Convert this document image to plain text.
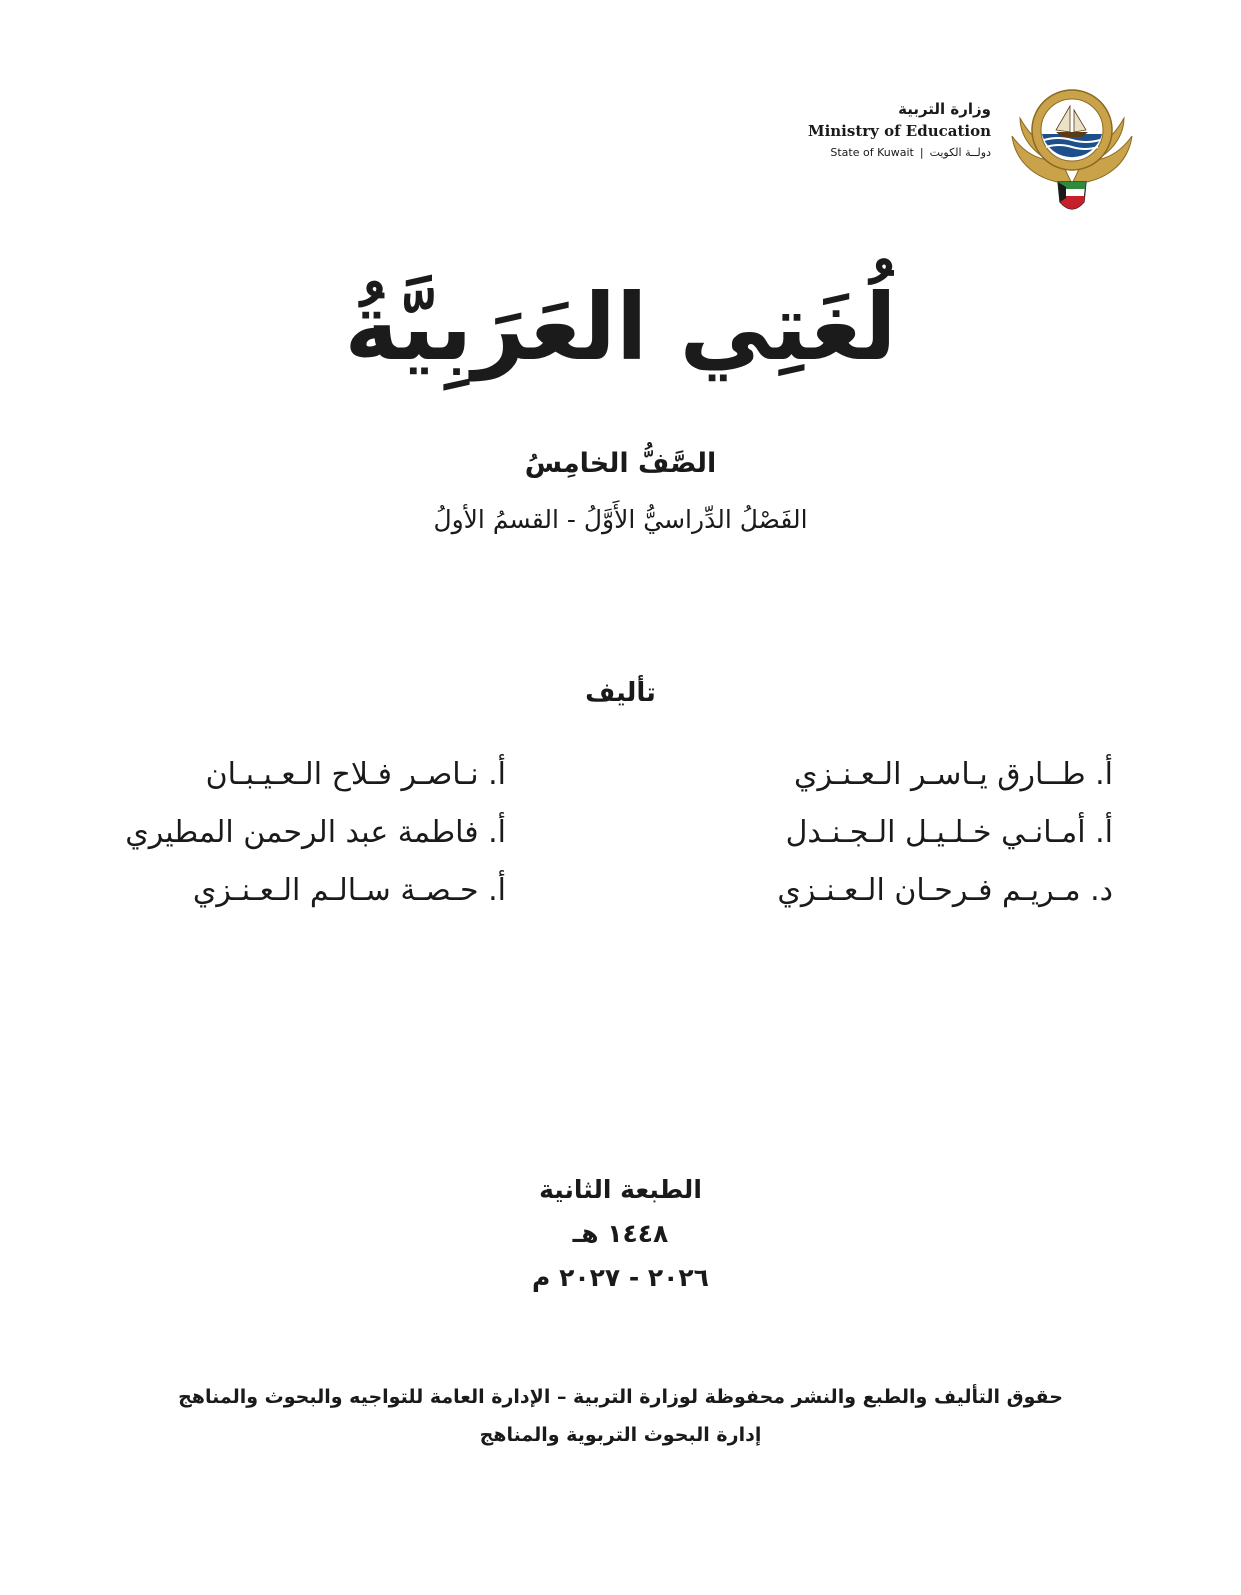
وزارة التربية
Ministry of Education
State of Kuwait | دولــة الكويت
لُغَتِي العَرَبِيَّةُ
الصَّفُّ الخامِسُ
الفَصْلُ الدِّراسيُّ الأَوَّلُ - القسمُ الأولُ
تأليف
أ. طــارق يـاسـر الـعـنـزي
أ. أمـانـي خـلـيـل الـجـنـدل
د. مـريـم فـرحـان الـعـنـزي
أ. نـاصـر فـلاح الـعـيـبـان
أ. فاطمة عبد الرحمن المطيري
أ. حـصـة سـالـم الـعـنـزي
الطبعة الثانية
١٤٤٨ هـ
٢٠٢٦ - ٢٠٢٧ م
حقوق التأليف والطبع والنشر محفوظة لوزارة التربية – الإدارة العامة للتواجيه والبحوث والمناهج
إدارة البحوث التربوية والمناهج
